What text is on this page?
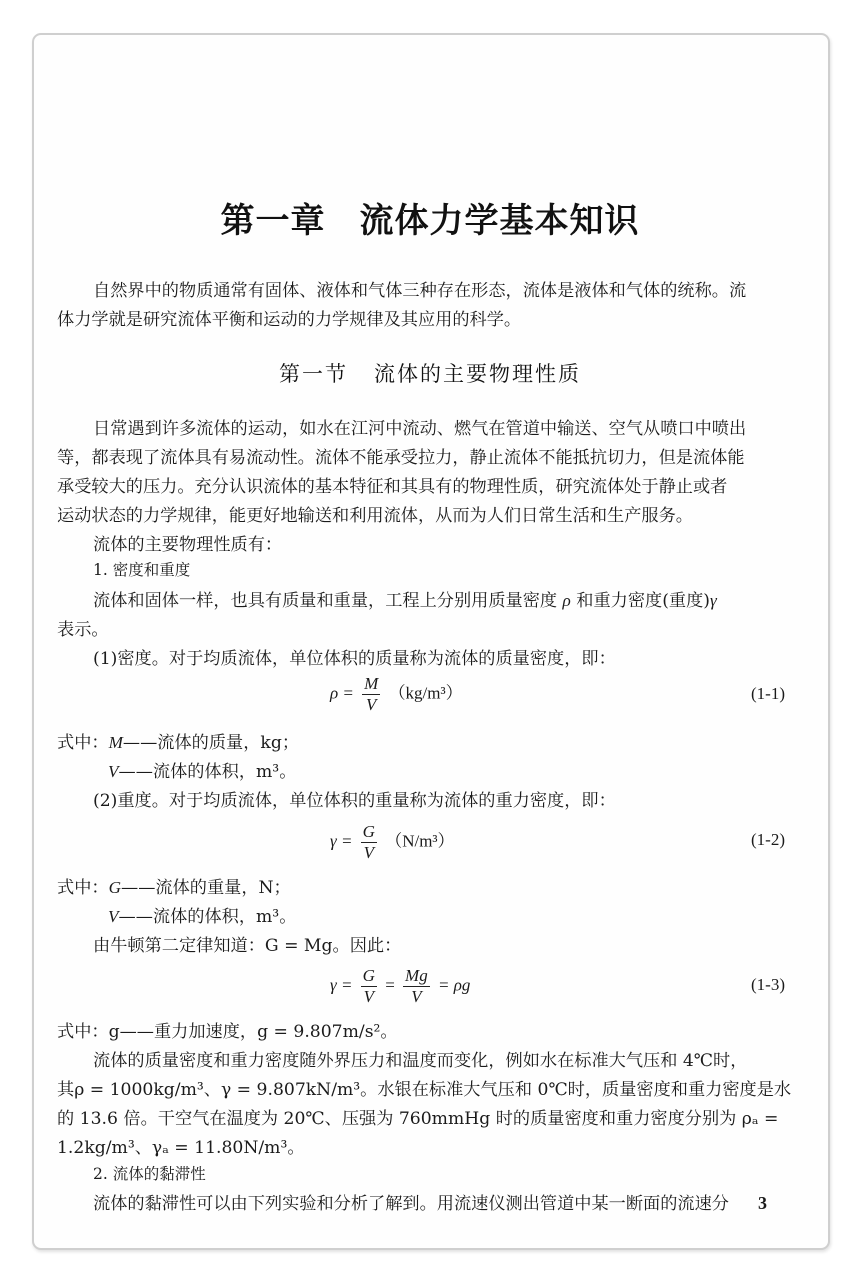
第一章 流体力学基本知识
自然界中的物质通常有固体、液体和气体三种存在形态，流体是液体和气体的统称。流
体力学就是研究流体平衡和运动的力学规律及其应用的科学。
第一节 流体的主要物理性质
日常遇到许多流体的运动，如水在江河中流动、燃气在管道中输送、空气从喷口中喷出
等，都表现了流体具有易流动性。流体不能承受拉力，静止流体不能抵抗切力，但是流体能
承受较大的压力。充分认识流体的基本特征和其具有的物理性质，研究流体处于静止或者
运动状态的力学规律，能更好地输送和利用流体，从而为人们日常生活和生产服务。
流体的主要物理性质有：
1. 密度和重度
流体和固体一样，也具有质量和重量，工程上分别用质量密度 ρ 和重力密度(重度)γ
表示。
(1)密度。对于均质流体，单位体积的质量称为流体的质量密度，即：
$\rho = \frac{M}{V} (kg/m^3)$	(1-1)
式中：M——流体的质量，kg；
V——流体的体积，m³。
(2)重度。对于均质流体，单位体积的重量称为流体的重力密度，即：
$\gamma = \frac{G}{V} (N/m^3)$	(1-2)
式中：G——流体的重量，N；
V——流体的体积，m³。
由牛顿第二定律知道：G = Mg。因此：
$\gamma = \frac{G}{V} = \frac{Mg}{V} = \rho g$	(1-3)
式中：g——重力加速度，g = 9.807m/s²。
流体的质量密度和重力密度随外界压力和温度而变化，例如水在标准大气压和 4℃时，
其ρ = 1000kg/m³、γ = 9.807kN/m³。水银在标准大气压和 0℃时，质量密度和重力密度是水
的 13.6 倍。干空气在温度为 20℃、压强为 760mmHg 时的质量密度和重力密度分别为 ρₐ =
1.2kg/m³、γₐ = 11.80N/m³。
2. 流体的黏滞性
流体的黏滞性可以由下列实验和分析了解到。用流速仪测出管道中某一断面的流速分 3
